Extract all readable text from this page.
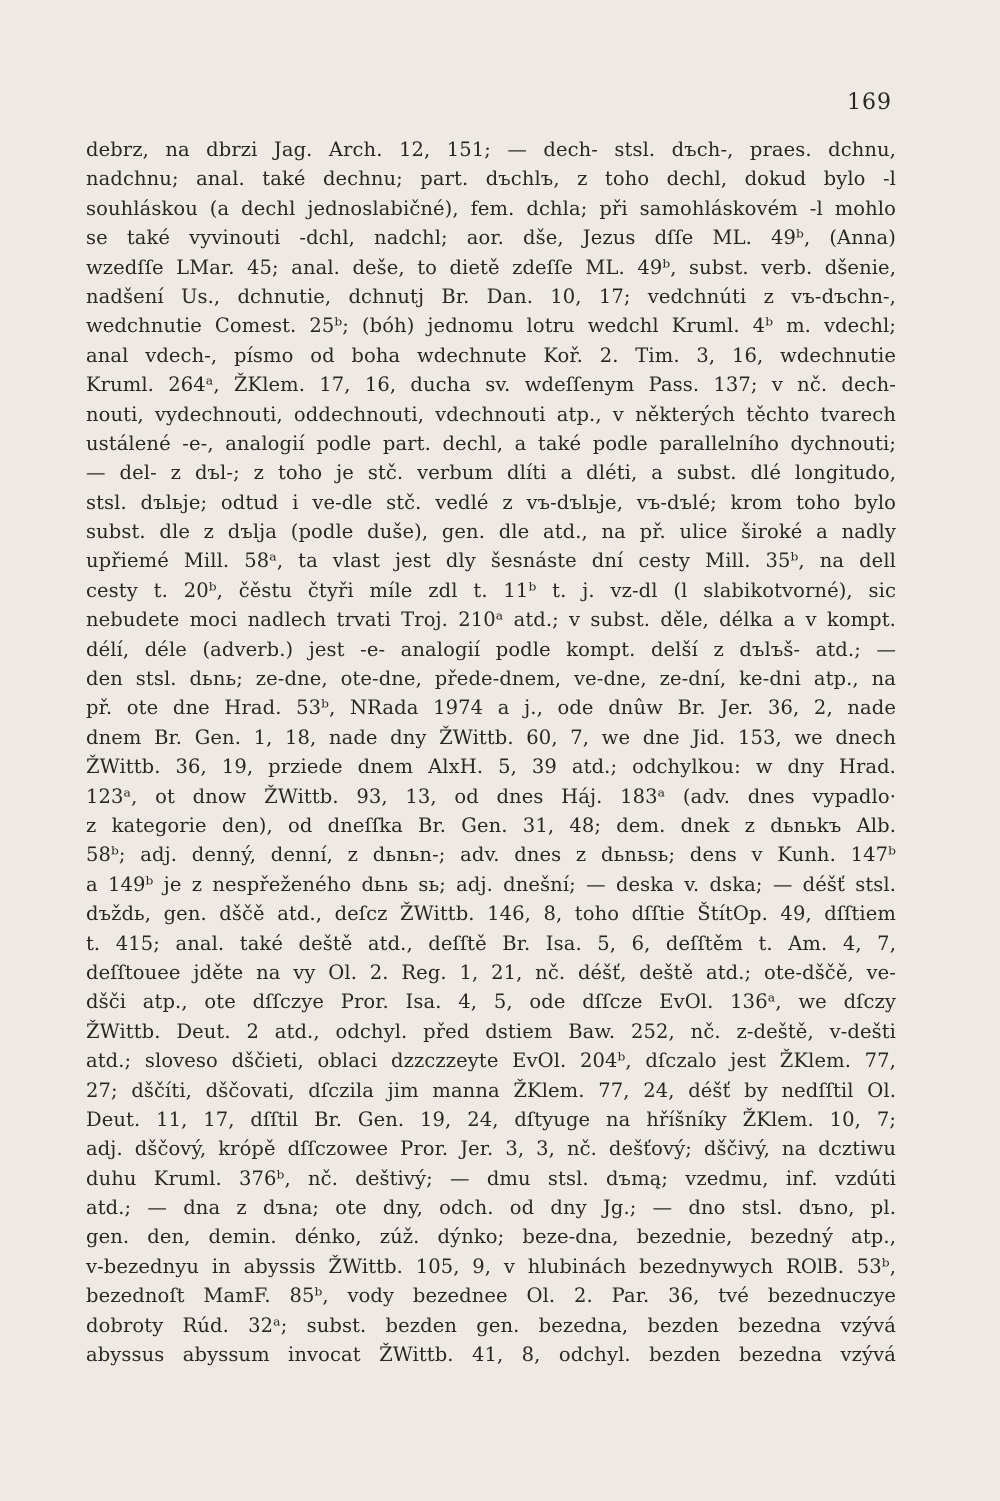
169
debrz, na dbrzi Jag. Arch. 12, 151; — dech- stsl. dъch-, praes. dchnu,
nadchnu; anal. také dechnu; part. dъchlъ, z toho dechl, dokud bylo -l
souhláskou (a dechl jednoslabičné), fem. dchla; při samohláskovém -l mohlo
se také vyvinouti -dchl, nadchl; aor. dše, Jezus dſſe ML. 49ᵇ, (Anna)
wzedſſe LMar. 45; anal. deše, to dietě zdeſſe ML. 49ᵇ, subst. verb. dšenie,
nadšení Us., dchnutie, dchnutj Br. Dan. 10, 17; vedchnúti z vъ-dъchn-,
wedchnutie Comest. 25ᵇ; (bóh) jednomu lotru wedchl Kruml. 4ᵇ m. vdechl;
anal vdech-, písmo od boha wdechnute Koř. 2. Tim. 3, 16, wdechnutie
Kruml. 264ᵃ, ŽKlem. 17, 16, ducha sv. wdeſſenym Pass. 137; v nč. dech-
nouti, vydechnouti, oddechnouti, vdechnouti atp., v některých těchto tvarech
ustálené -e-, analogií podle part. dechl, a také podle parallelního dychnouti;
— del- z dъl-; z toho je stč. verbum dlíti a dléti, a subst. dlé longitudo,
stsl. dъlьje; odtud i ve-dle stč. vedlé z vъ-dъlьje, vъ-dъlé; krom toho bylo
subst. dle z dъlja (podle duše), gen. dle atd., na př. ulice široké a nadly
upřiemé Mill. 58ᵃ, ta vlast jest dly šesnáste dní cesty Mill. 35ᵇ, na dell
cesty t. 20ᵇ, čěstu čtyři míle zdl t. 11ᵇ t. j. vz-dl (l slabikotvorné), sic
nebudete moci nadlech trvati Troj. 210ᵃ atd.; v subst. děle, délka a v kompt.
délí, déle (adverb.) jest -e- analogií podle kompt. delší z dъlъš- atd.; —
den stsl. dьnь; ze-dne, ote-dne, přede-dnem, ve-dne, ze-dní, ke-dni atp., na
př. ote dne Hrad. 53ᵇ, NRada 1974 a j., ode dnûw Br. Jer. 36, 2, nade
dnem Br. Gen. 1, 18, nade dny ŽWittb. 60, 7, we dne Jid. 153, we dnech
ŽWittb. 36, 19, prziede dnem AlxH. 5, 39 atd.; odchylkou: w dny Hrad.
123ᵃ, ot dnow ŽWittb. 93, 13, od dnes Háj. 183ᵃ (adv. dnes vypadlo·
z kategorie den), od dneſſka Br. Gen. 31, 48; dem. dnek z dьnьkъ Alb.
58ᵇ; adj. denný, denní, z dьnьn-; adv. dnes z dьnьsь; dens v Kunh. 147ᵇ
a 149ᵇ je z nespřeženého dьnь sь; adj. dnešní; — deska v. dska; — déšť stsl.
dъždь, gen. dščě atd., deſcz ŽWittb. 146, 8, toho dſſtie ŠtítOp. 49, dſſtiem
t. 415; anal. také deště atd., deſſtě Br. Isa. 5, 6, deſſtěm t. Am. 4, 7,
deſſtouee jděte na vy Ol. 2. Reg. 1, 21, nč. déšť, deště atd.; ote-dščě, ve-
dšči atp., ote dſſczye Pror. Isa. 4, 5, ode dſſcze EvOl. 136ᵃ, we dſczy
ŽWittb. Deut. 2 atd., odchyl. před dstiem Baw. 252, nč. z-deště, v-dešti
atd.; sloveso dščieti, oblaci dzzczzeyte EvOl. 204ᵇ, dſczalo jest ŽKlem. 77,
27; dščíti, dščovati, dſczila jim manna ŽKlem. 77, 24, déšť by nedſſtil Ol.
Deut. 11, 17, dſſtil Br. Gen. 19, 24, dſtyuge na hříšníky ŽKlem. 10, 7;
adj. dščový, krópě dſſczowee Pror. Jer. 3, 3, nč. dešťový; dščivý, na dcztiwu
duhu Kruml. 376ᵇ, nč. deštivý; — dmu stsl. dъmą; vzedmu, inf. vzdúti
atd.; — dna z dъna; ote dny, odch. od dny Jg.; — dno stsl. dъno, pl.
gen. den, demin. dénko, zúž. dýnko; beze-dna, bezednie, bezedný atp.,
v-bezednyu in abyssis ŽWittb. 105, 9, v hlubinách bezednywych ROlB. 53ᵇ,
bezednoſt MamF. 85ᵇ, vody bezednee Ol. 2. Par. 36, tvé bezednuczye
dobroty Rúd. 32ᵃ; subst. bezden gen. bezedna, bezden bezedna vzývá
abyssus abyssum invocat ŽWittb. 41, 8, odchyl. bezden bezedna vzývá
